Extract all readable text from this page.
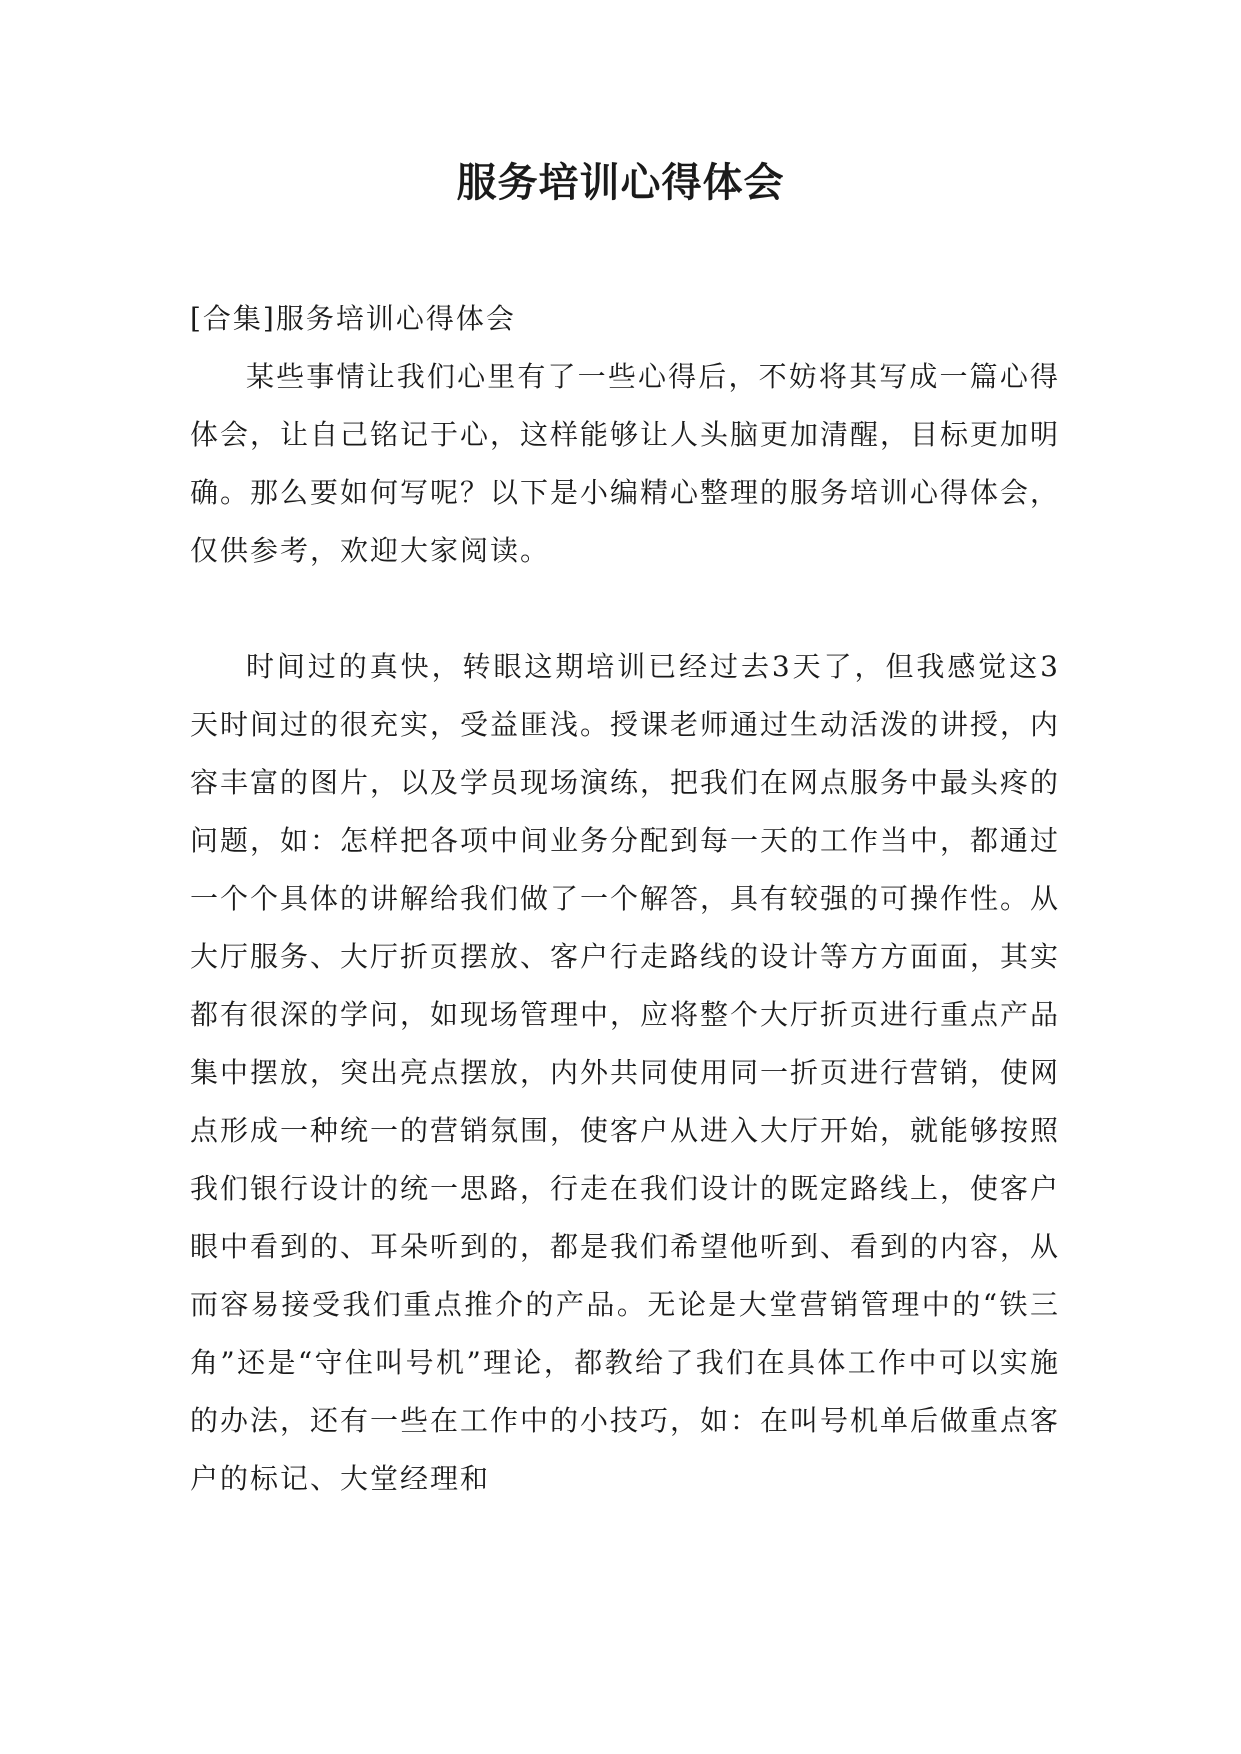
服务培训心得体会

[合集]服务培训心得体会

某些事情让我们心里有了一些心得后，不妨将其写成一篇心得体会，让自己铭记于心，这样能够让人头脑更加清醒，目标更加明确。那么要如何写呢？以下是小编精心整理的服务培训心得体会，仅供参考，欢迎大家阅读。

时间过的真快，转眼这期培训已经过去3天了，但我感觉这3天时间过的很充实，受益匪浅。授课老师通过生动活泼的讲授，内容丰富的图片，以及学员现场演练，把我们在网点服务中最头疼的问题，如：怎样把各项中间业务分配到每一天的工作当中，都通过一个个具体的讲解给我们做了一个解答，具有较强的可操作性。从大厅服务、大厅折页摆放、客户行走路线的设计等方方面面，其实都有很深的学问，如现场管理中，应将整个大厅折页进行重点产品集中摆放，突出亮点摆放，内外共同使用同一折页进行营销，使网点形成一种统一的营销氛围，使客户从进入大厅开始，就能够按照我们银行设计的统一思路，行走在我们设计的既定路线上，使客户眼中看到的、耳朵听到的，都是我们希望他听到、看到的内容，从而容易接受我们重点推介的产品。无论是大堂营销管理中的“铁三角”还是“守住叫号机”理论，都教给了我们在具体工作中可以实施的办法，还有一些在工作中的小技巧，如：在叫号机单后做重点客户的标记、大堂经理和
